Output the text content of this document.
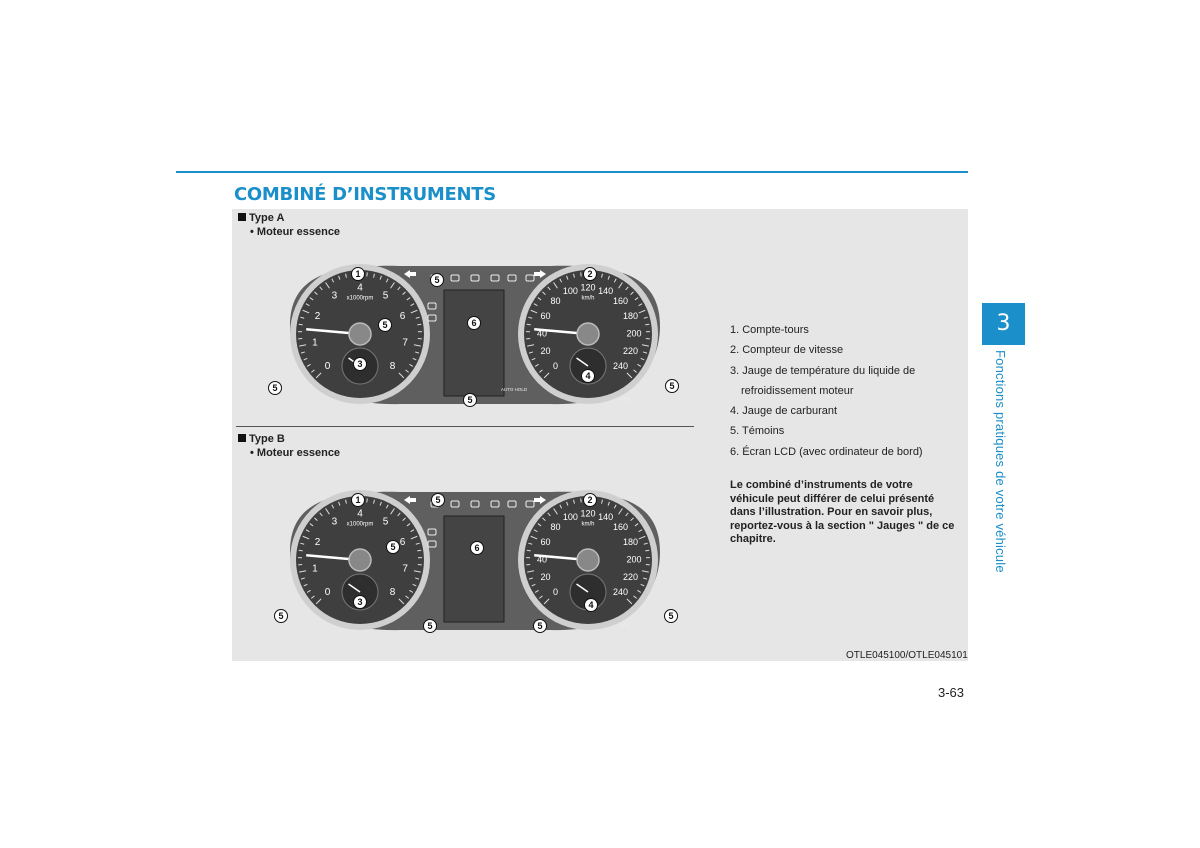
COMBINÉ D’INSTRUMENTS
Type A
• Moteur essence
0
1
2
3
4
5
6
7
8
x1000rpm
0
20
40
60
80
100 120 140
160
180
200
220
240
km/h
EPS
AUTO HOLD
1	2
3
4
5
5
5
5
5
6
Type B
• Moteur essence
0
1
2
3
4
5
6
7
8
x1000rpm
0
20
40
60
80
100 120 140
160
180
200
220
240
km/h
EPS
1	2
3	4
5
5
5
5	5
5
6
1. Compte-tours
2. Compteur de vitesse
3. Jauge de température du liquide de
refroidissement moteur
4. Jauge de carburant
5. Témoins
6. Écran LCD (avec ordinateur de bord)
Le combiné d’instruments de votre véhicule peut différer de celui présenté dans l’illustration. Pour en savoir plus, reportez-vous à la section " Jauges " de ce chapitre.
OTLE045100/OTLE045101
3-63
3
Fonctions pratiques de votre véhicule
